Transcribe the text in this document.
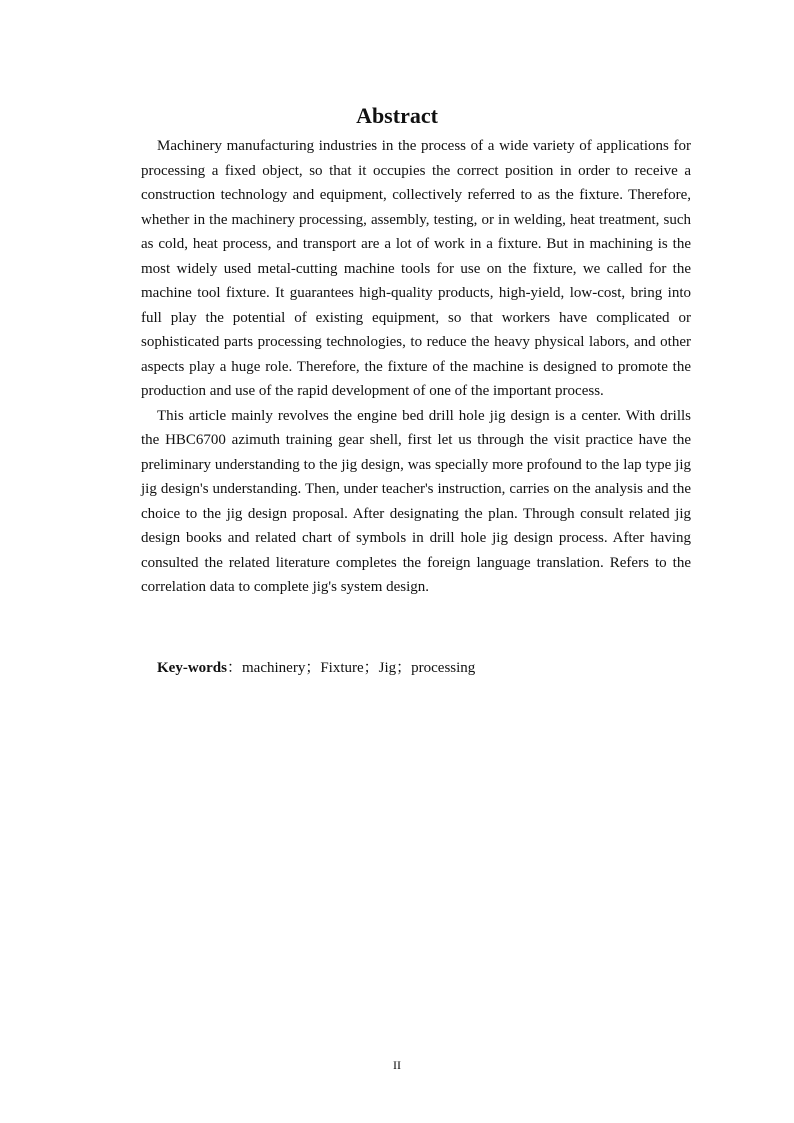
Abstract

Machinery manufacturing industries in the process of a wide variety of applications for processing a fixed object, so that it occupies the correct position in order to receive a construction technology and equipment, collectively referred to as the fixture. Therefore, whether in the machinery processing, assembly, testing, or in welding, heat treatment, such as cold, heat process, and transport are a lot of work in a fixture. But in machining is the most widely used metal-cutting machine tools for use on the fixture, we called for the machine tool fixture. It guarantees high-quality products, high-yield, low-cost, bring into full play the potential of existing equipment, so that workers have complicated or sophisticated parts processing technologies, to reduce the heavy physical labors, and other aspects play a huge role. Therefore, the fixture of the machine is designed to promote the production and use of the rapid development of one of the important process.

This article mainly revolves the engine bed drill hole jig design is a center. With drills the HBC6700 azimuth training gear shell, first let us through the visit practice have the preliminary understanding to the jig design, was specially more profound to the lap type jig jig design's understanding. Then, under teacher's instruction, carries on the analysis and the choice to the jig design proposal. After designating the plan. Through consult related jig design books and related chart of symbols in drill hole jig design process. After having consulted the related literature completes the foreign language translation. Refers to the correlation data to complete jig's system design.

Key-words：machinery；Fixture；Jig；processing
II
